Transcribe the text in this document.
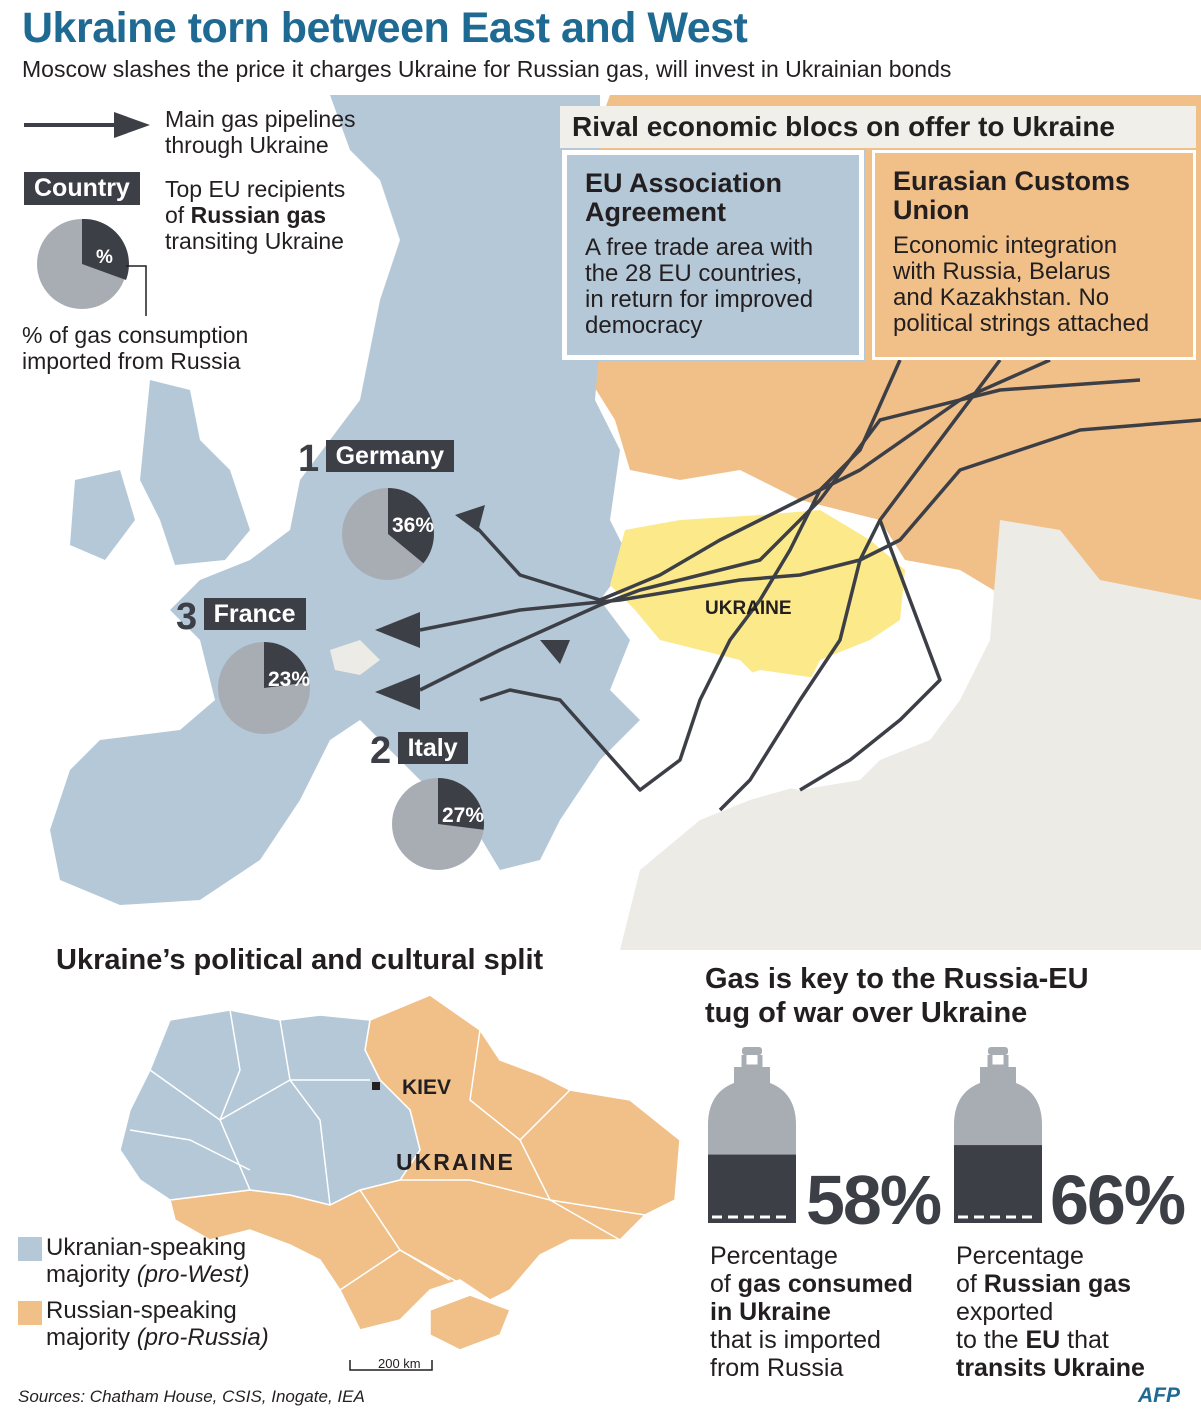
Ukraine torn between East and West
Moscow slashes the price it charges Ukraine for Russian gas, will invest in Ukrainian bonds
UKRAINE
Main gas pipelines
through Ukraine
Country	Top EU recipients
of Russian gas
transiting Ukraine
%
% of gas consumption
imported from Russia
1 Germany
36%
3 France
23%
2 Italy
27%
Rival economic blocs on offer to Ukraine
EU Association
Agreement
A free trade area with
the 28 EU countries,
in return for improved
democracy
Eurasian Customs
Union
Economic integration
with Russia, Belarus
and Kazakhstan. No
political strings attached
Ukraine’s political and cultural split
KIEV
UKRAINE
200 km
Ukranian-speaking
majority (pro-West)
Russian-speaking
majority (pro-Russia)
Gas is key to the Russia-EU
tug of war over Ukraine
58%
Percentage
of gas consumed
in Ukraine
that is imported
from Russia
66%
Percentage
of Russian gas
exported
to the EU that
transits Ukraine
Sources: Chatham House, CSIS, Inogate, IEA	AFP
